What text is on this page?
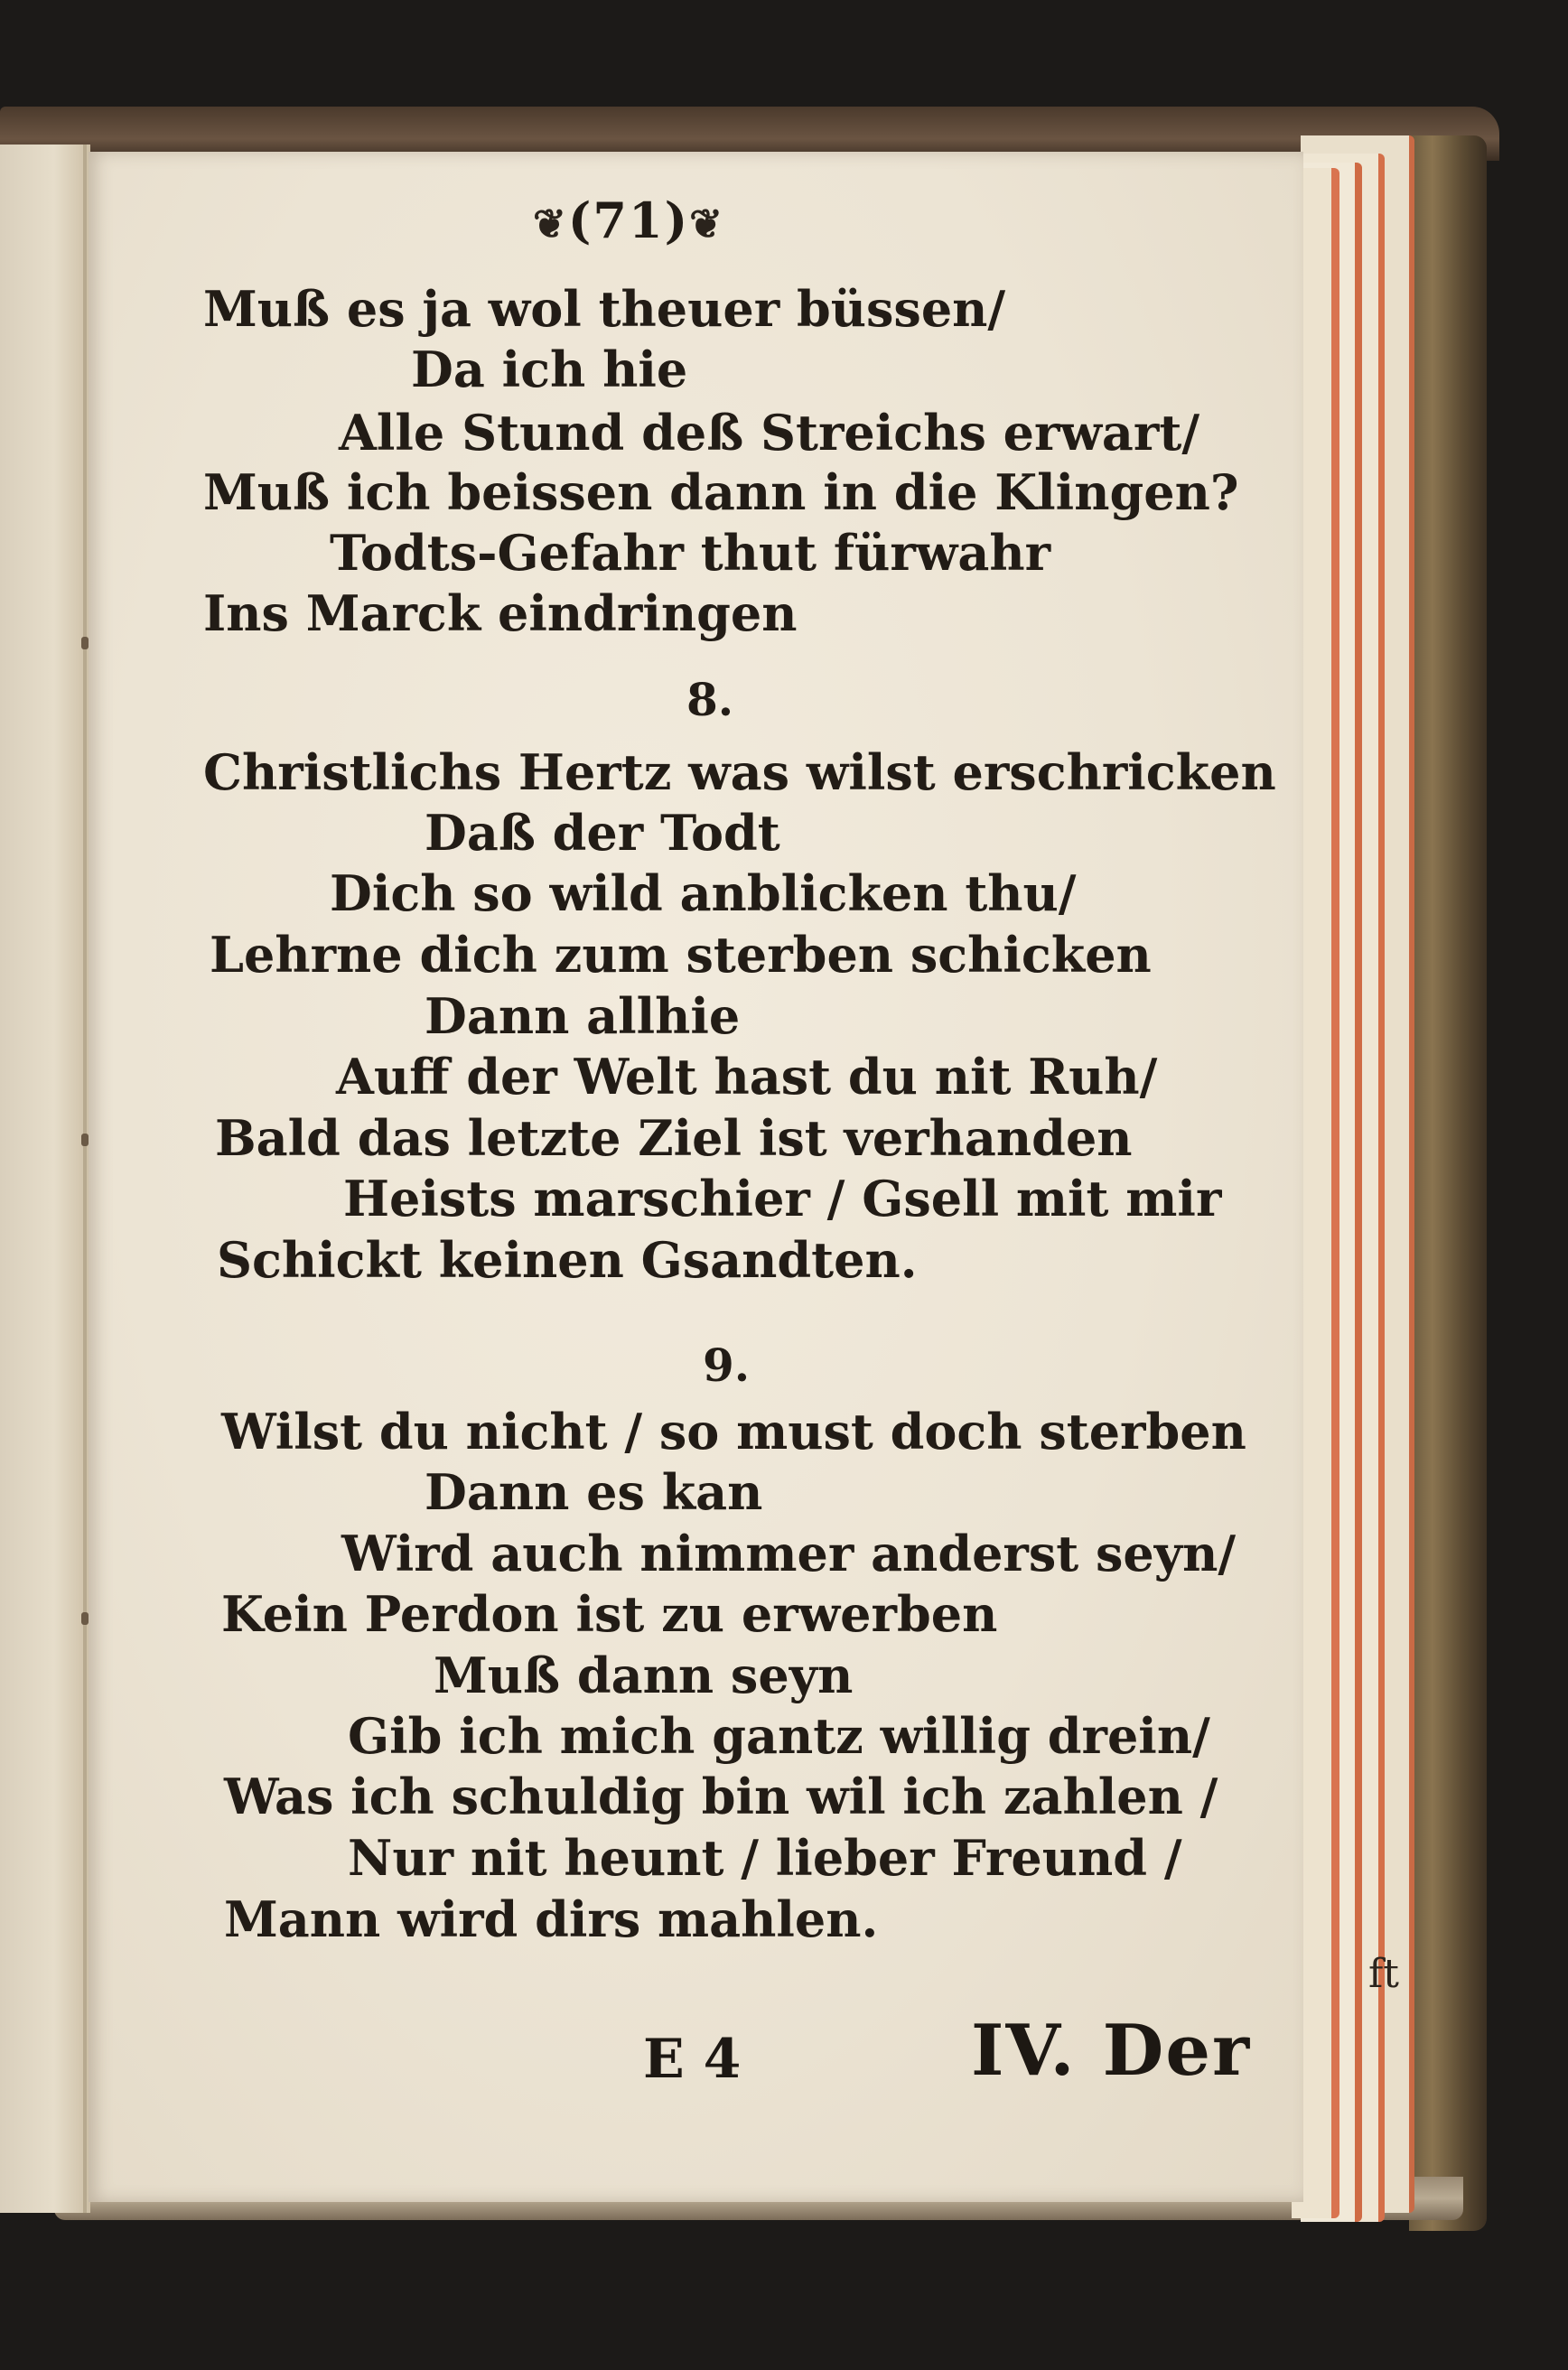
ft
❦(71)❦
Muß es ja wol theuer büssen/
Da ich hie
Alle Stund deß Streichs erwart/
Muß ich beissen dann in die Klingen?
Todts-Gefahr thut fürwahr
Ins Marck eindringen
8.
Christlichs Hertz was wilst erschricken
Daß der Todt
Dich so wild anblicken thu/
Lehrne dich zum sterben schicken
Dann allhie
Auff der Welt hast du nit Ruh/
Bald das letzte Ziel ist verhanden
Heists marschier / Gsell mit mir
Schickt keinen Gsandten.
9.
Wilst du nicht / so must doch sterben
Dann es kan
Wird auch nimmer anderst seyn/
Kein Perdon ist zu erwerben
Muß dann seyn
Gib ich mich gantz willig drein/
Was ich schuldig bin wil ich zahlen /
Nur nit heunt / lieber Freund /
Mann wird dirs mahlen.
E 4	IV. Der
